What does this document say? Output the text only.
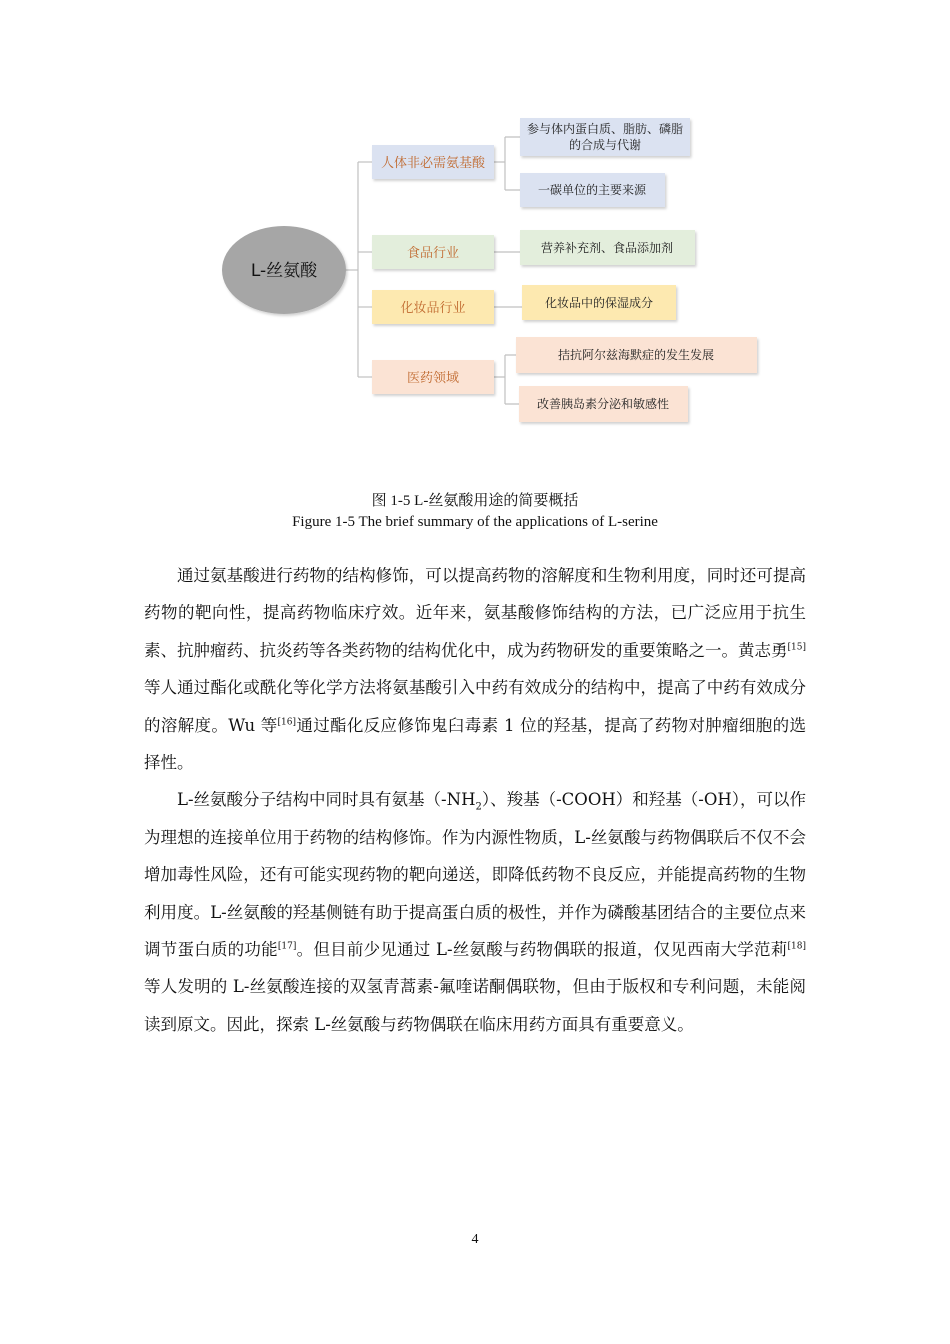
L-丝氨酸
人体非必需氨基酸
食品行业
化妆品行业
医药领域
参与体内蛋白质、脂肪、磷脂
的合成与代谢
一碳单位的主要来源
营养补充剂、食品添加剂
化妆品中的保湿成分
拮抗阿尔兹海默症的发生发展
改善胰岛素分泌和敏感性
图 1-5 L-丝氨酸用途的简要概括
Figure 1-5 The brief summary of the applications of L-serine

通过氨基酸进行药物的结构修饰，可以提高药物的溶解度和生物利用度，同时还可提高药物的靶向性，提高药物临床疗效。近年来，氨基酸修饰结构的方法，已广泛应用于抗生素、抗肿瘤药、抗炎药等各类药物的结构优化中，成为药物研发的重要策略之一。黄志勇[15]等人通过酯化或酰化等化学方法将氨基酸引入中药有效成分的结构中，提高了中药有效成分的溶解度。Wu 等[16]通过酯化反应修饰鬼臼毒素 1 位的羟基，提高了药物对肿瘤细胞的选择性。

L-丝氨酸分子结构中同时具有氨基$(-NH_2)$、羧基（-COOH）和羟基（-OH），可以作为理想的连接单位用于药物的结构修饰。作为内源性物质，L-丝氨酸与药物偶联后不仅不会增加毒性风险，还有可能实现药物的靶向递送，即降低药物不良反应，并能提高药物的生物利用度。L-丝氨酸的羟基侧链有助于提高蛋白质的极性，并作为磷酸基团结合的主要位点来调节蛋白质的功能[17]。但目前少见通过 L-丝氨酸与药物偶联的报道，仅见西南大学范莉[18]等人发明的 L-丝氨酸连接的双氢青蒿素-氟喹诺酮偶联物，但由于版权和专利问题，未能阅读到原文。因此，探索 L-丝氨酸与药物偶联在临床用药方面具有重要意义。

4
